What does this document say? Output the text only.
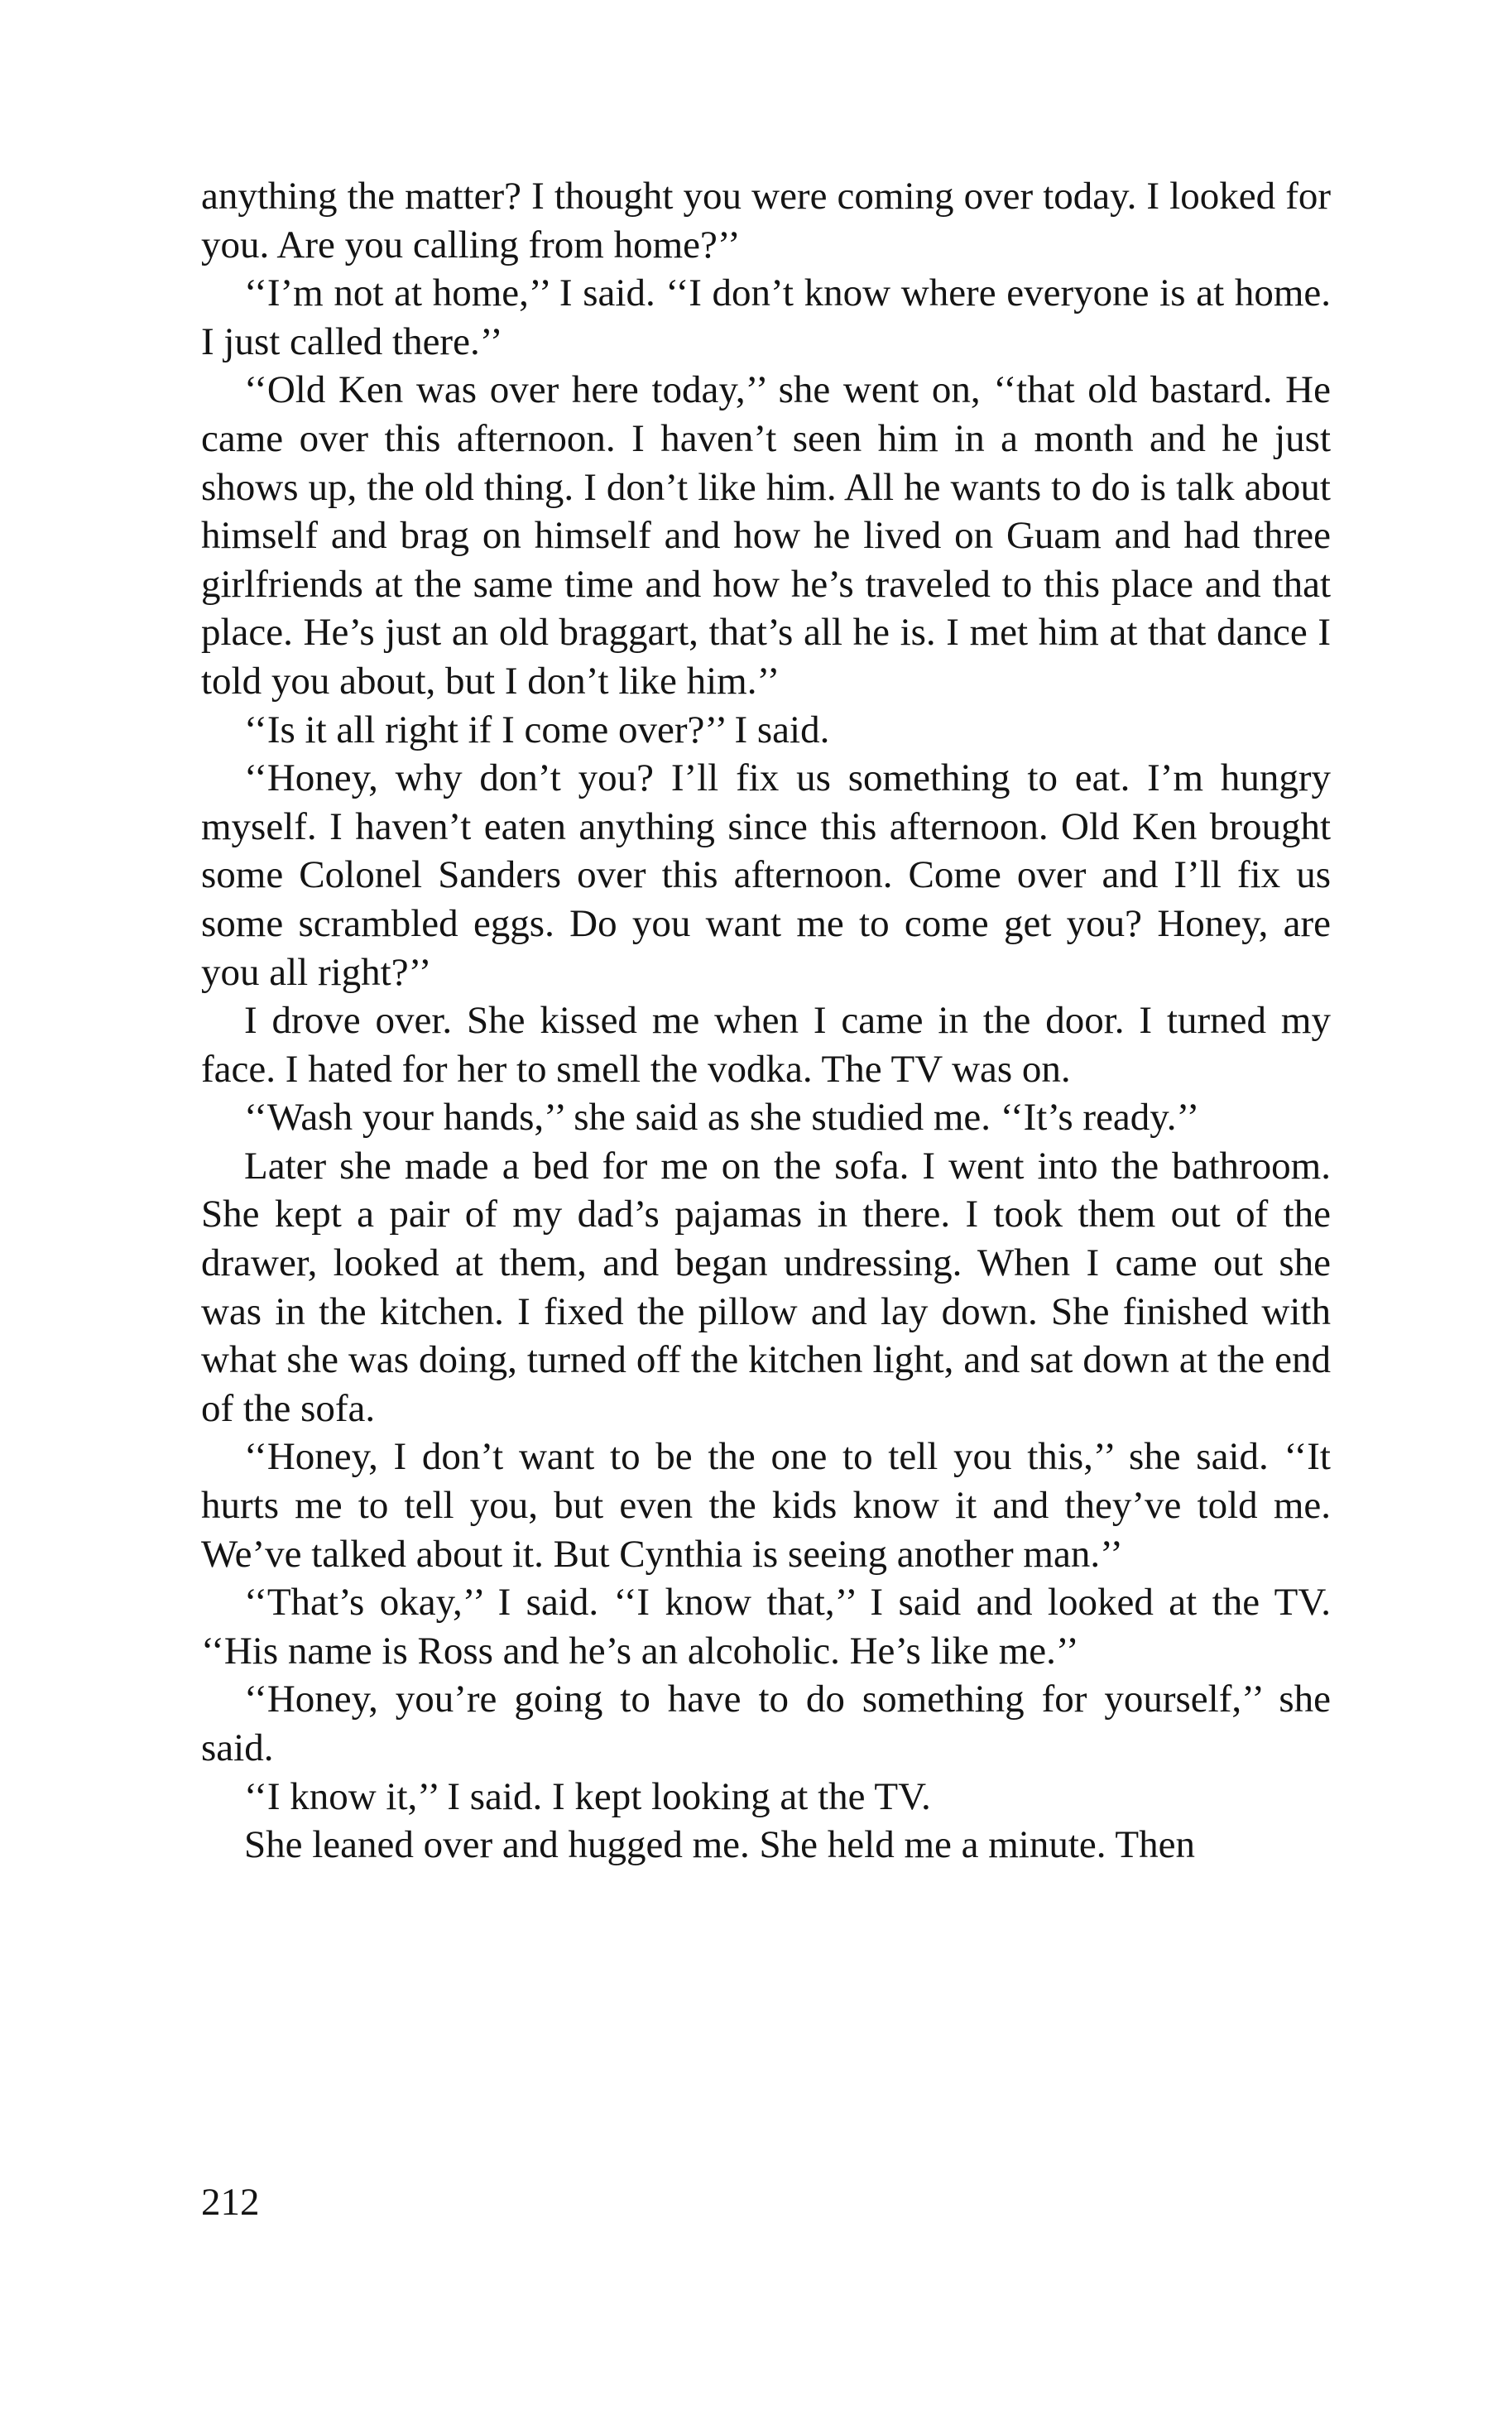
anything the matter? I thought you were coming over today. I looked for you. Are you calling from home?’’

‘‘I’m not at home,’’ I said. ‘‘I don’t know where everyone is at home. I just called there.’’

‘‘Old Ken was over here today,’’ she went on, ‘‘that old bastard. He came over this afternoon. I haven’t seen him in a month and he just shows up, the old thing. I don’t like him. All he wants to do is talk about himself and brag on himself and how he lived on Guam and had three girlfriends at the same time and how he’s traveled to this place and that place. He’s just an old braggart, that’s all he is. I met him at that dance I told you about, but I don’t like him.’’

‘‘Is it all right if I come over?’’ I said.

‘‘Honey, why don’t you? I’ll fix us something to eat. I’m hungry myself. I haven’t eaten anything since this afternoon. Old Ken brought some Colonel Sanders over this afternoon. Come over and I’ll fix us some scrambled eggs. Do you want me to come get you? Honey, are you all right?’’

I drove over. She kissed me when I came in the door. I turned my face. I hated for her to smell the vodka. The TV was on.

‘‘Wash your hands,’’ she said as she studied me. ‘‘It’s ready.’’

Later she made a bed for me on the sofa. I went into the bathroom. She kept a pair of my dad’s pajamas in there. I took them out of the drawer, looked at them, and began undressing. When I came out she was in the kitchen. I fixed the pillow and lay down. She finished with what she was doing, turned off the kitchen light, and sat down at the end of the sofa.

‘‘Honey, I don’t want to be the one to tell you this,’’ she said. ‘‘It hurts me to tell you, but even the kids know it and they’ve told me. We’ve talked about it. But Cynthia is seeing another man.’’

‘‘That’s okay,’’ I said. ‘‘I know that,’’ I said and looked at the TV. ‘‘His name is Ross and he’s an alcoholic. He’s like me.’’

‘‘Honey, you’re going to have to do something for yourself,’’ she said.

‘‘I know it,’’ I said. I kept looking at the TV.

She leaned over and hugged me. She held me a minute. Then

212
